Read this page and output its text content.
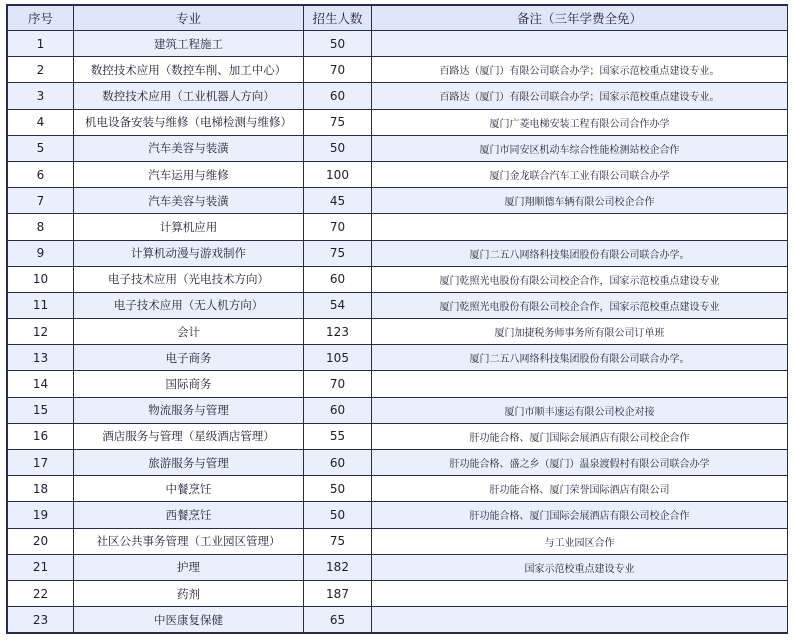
序号	专业	招生人数	备注（三年学费全免）
1	建筑工程施工	50	
2	数控技术应用（数控车削、加工中心）	70	百路达（厦门）有限公司联合办学；国家示范校重点建设专业。
3	数控技术应用（工业机器人方向）	60	百路达（厦门）有限公司联合办学；国家示范校重点建设专业。
4	机电设备安装与维修（电梯检测与维修）	75	厦门广菱电梯安装工程有限公司合作办学
5	汽车美容与装潢	50	厦门市同安区机动车综合性能检测站校企合作
6	汽车运用与维修	100	厦门金龙联合汽车工业有限公司联合办学
7	汽车美容与装潢	45	厦门翔顺德车辆有限公司校企合作
8	计算机应用	70	
9	计算机动漫与游戏制作	75	厦门二五八网络科技集团股份有限公司联合办学。
10	电子技术应用（光电技术方向）	60	厦门乾照光电股份有限公司校企合作，国家示范校重点建设专业
11	电子技术应用（无人机方向）	54	厦门乾照光电股份有限公司校企合作，国家示范校重点建设专业
12	会计	123	厦门加捷税务师事务所有限公司订单班
13	电子商务	105	厦门二五八网络科技集团股份有限公司联合办学。
14	国际商务	70	
15	物流服务与管理	60	厦门市顺丰速运有限公司校企对接
16	酒店服务与管理（星级酒店管理）	55	肝功能合格、厦门国际会展酒店有限公司校企合作
17	旅游服务与管理	60	肝功能合格、盛之乡（厦门）温泉渡假村有限公司联合办学
18	中餐烹饪	50	肝功能合格、厦门荣誉国际酒店有限公司
19	西餐烹饪	50	肝功能合格、厦门国际会展酒店有限公司校企合作
20	社区公共事务管理（工业园区管理）	75	与工业园区合作
21	护理	182	国家示范校重点建设专业
22	药剂	187	
23	中医康复保健	65	
